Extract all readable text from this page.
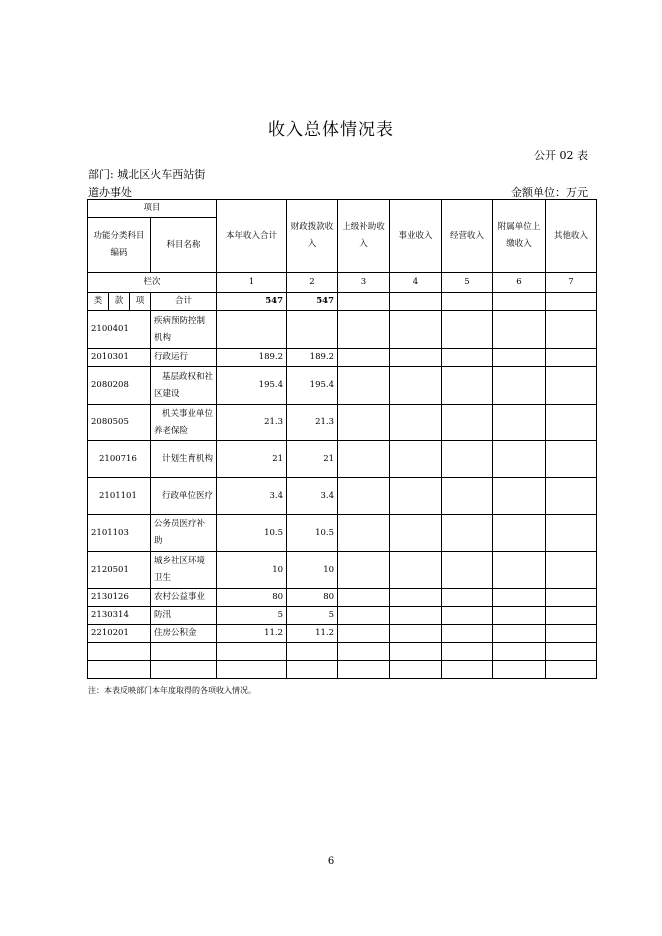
收入总体情况表
公开 02 表
部门: 城北区火车西站街
道办事处	金额单位：万元
项目				本年收入合计	财政拨款收入	上级补助收入	事业收入	经营收入	附属单位上缴收入	其他收入
功能分类科目编码			科目名称							
栏次				1	2	3	4	5	6	7
类	款	项	合计	547	547					
2100401			疾病预防控制机构							
2010301			行政运行	189.2	189.2					
2080208			基层政权和社区建设	195.4	195.4					
2080505			机关事业单位养老保险	21.3	21.3					
2100716			计划生育机构	21	21					
2101101			行政单位医疗	3.4	3.4					
2101103			公务员医疗补助	10.5	10.5					
2120501			城乡社区环境卫生	10	10					
2130126			农村公益事业	80	80					
2130314			防汛	5	5					
2210201			住房公积金	11.2	11.2					

注：本表反映部门本年度取得的各项收入情况。
6
